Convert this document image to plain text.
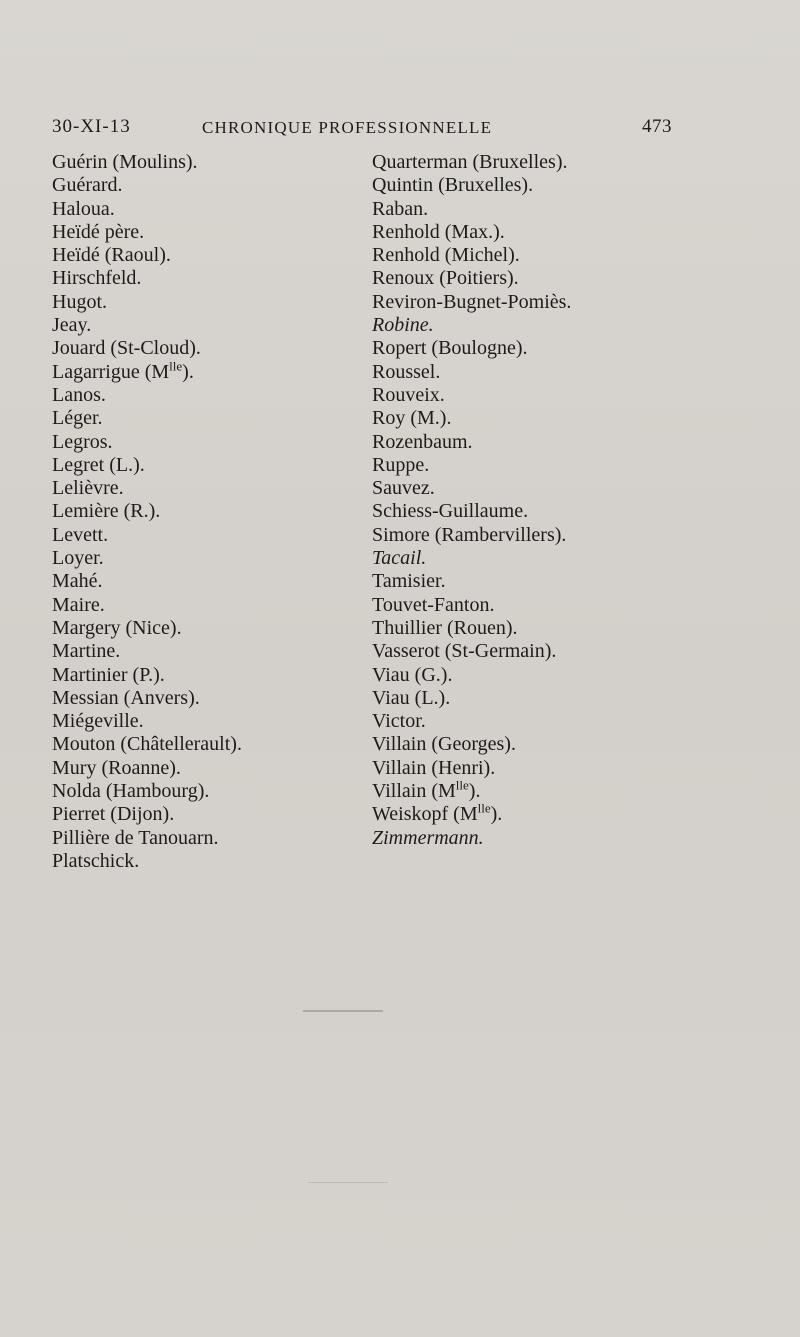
30-XI-13	CHRONIQUE PROFESSIONNELLE	473
Guérin (Moulins).
Guérard.
Haloua.
Heïdé père.
Heïdé (Raoul).
Hirschfeld.
Hugot.
Jeay.
Jouard (St-Cloud).
Lagarrigue $(M^{lle})$.
Lanos.
Léger.
Legros.
Legret (L.).
Lelièvre.
Lemière (R.).
Levett.
Loyer.
Mahé.
Maire.
Margery (Nice).
Martine.
Martinier (P.).
Messian (Anvers).
Miégeville.
Mouton (Châtellerault).
Mury (Roanne).
Nolda (Hambourg).
Pierret (Dijon).
Pillière de Tanouarn.
Platschick.
Quarterman (Bruxelles).
Quintin (Bruxelles).
Raban.
Renhold (Max.).
Renhold (Michel).
Renoux (Poitiers).
Reviron-Bugnet-Pomiès.
Robine.
Ropert (Boulogne).
Roussel.
Rouveix.
Roy (M.).
Rozenbaum.
Ruppe.
Sauvez.
Schiess-Guillaume.
Simore (Rambervillers).
Tacail.
Tamisier.
Touvet-Fanton.
Thuillier (Rouen).
Vasserot (St-Germain).
Viau (G.).
Viau (L.).
Victor.
Villain (Georges).
Villain (Henri).
Villain $(M^{lle})$.
Weiskopf $(M^{lle})$.
Zimmermann.
